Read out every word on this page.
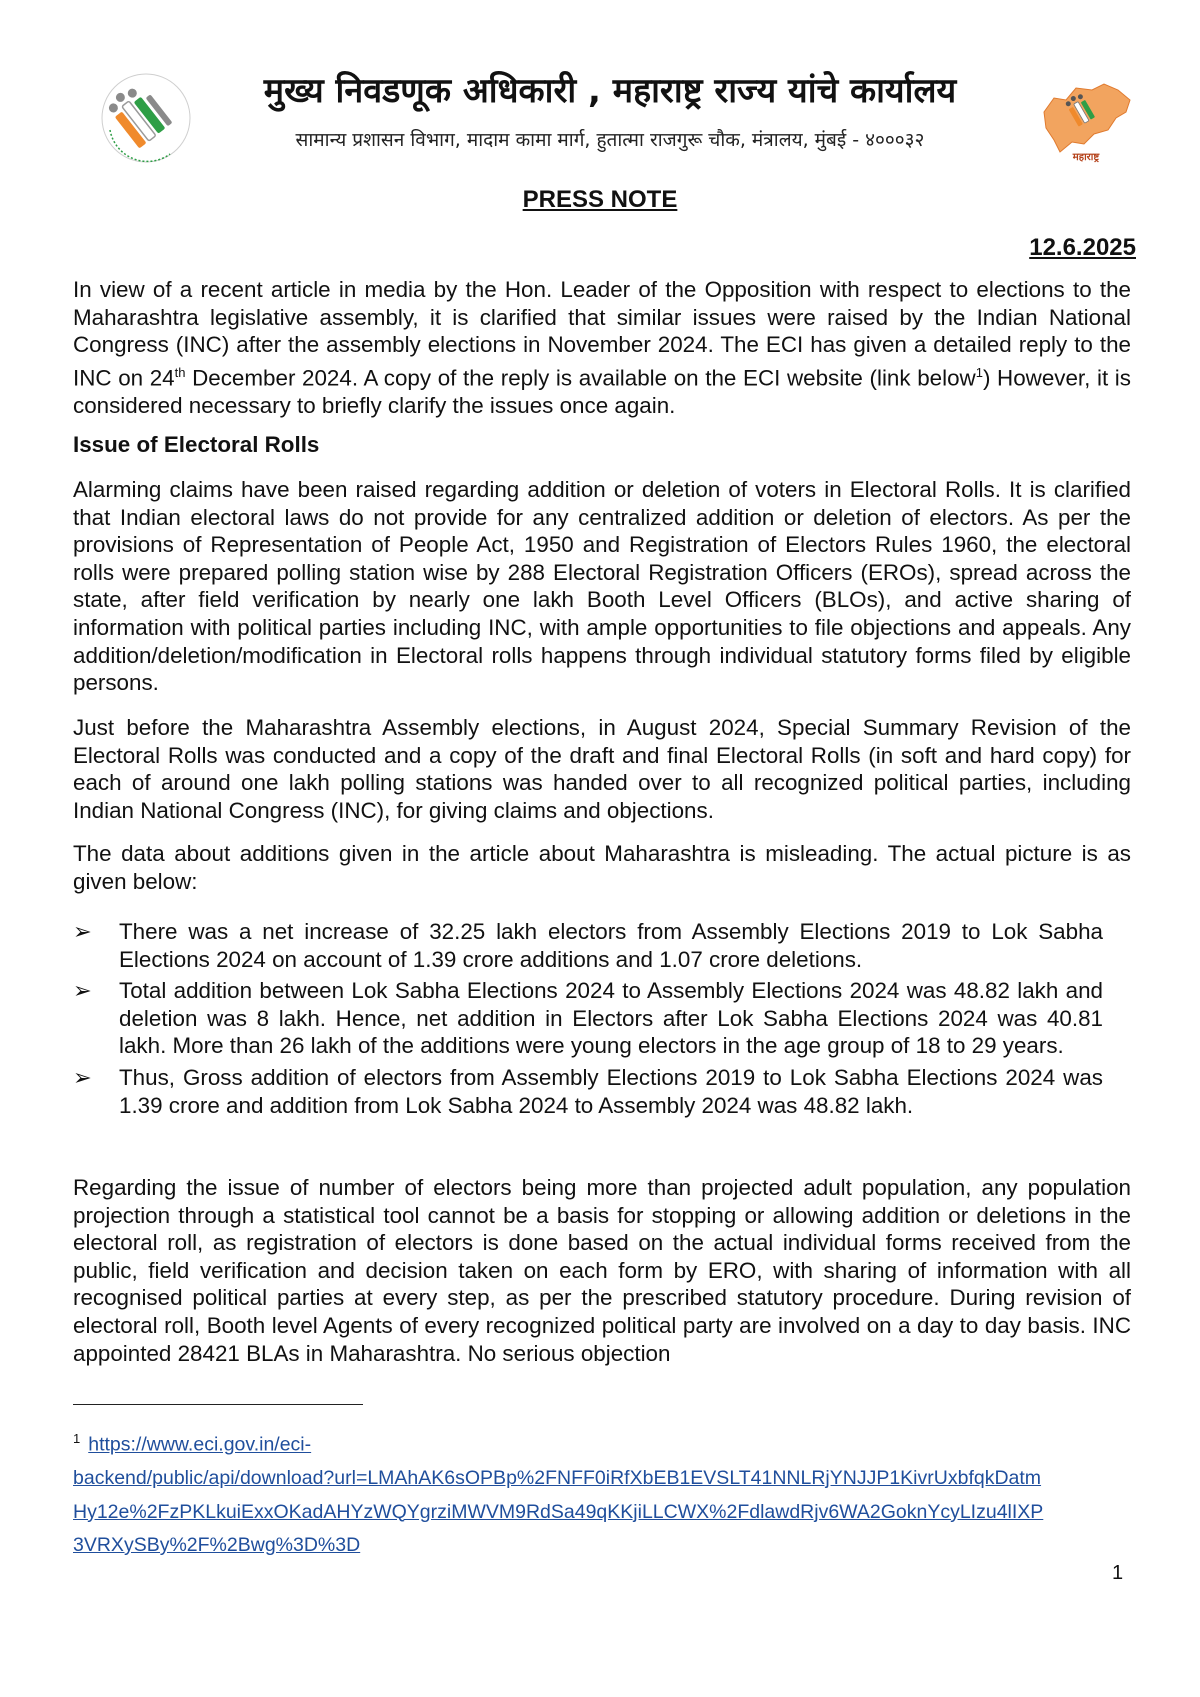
मुख्य निवडणूक अधिकारी , महाराष्ट्र राज्य यांचे कार्यालय
सामान्य प्रशासन विभाग, मादाम कामा मार्ग, हुतात्मा राजगुरू चौक, मंत्रालय, मुंबई - ४०००३२
महाराष्ट्र
PRESS NOTE
12.6.2025
In view of a recent article in media by the Hon. Leader of the Opposition with respect to elections to the Maharashtra legislative assembly, it is clarified that similar issues were raised by the Indian National Congress (INC) after the assembly elections in November 2024. The ECI has given a detailed reply to the INC on 24th December 2024. A copy of the reply is available on the ECI website (link below$^1$) However, it is considered necessary to briefly clarify the issues once again.
Issue of Electoral Rolls
Alarming claims have been raised regarding addition or deletion of voters in Electoral Rolls. It is clarified that Indian electoral laws do not provide for any centralized addition or deletion of electors. As per the provisions of Representation of People Act, 1950 and Registration of Electors Rules 1960, the electoral rolls were prepared polling station wise by 288 Electoral Registration Officers (EROs), spread across the state, after field verification by nearly one lakh Booth Level Officers (BLOs), and active sharing of information with political parties including INC, with ample opportunities to file objections and appeals. Any addition/deletion/modification in Electoral rolls happens through individual statutory forms filed by eligible persons.
Just before the Maharashtra Assembly elections, in August 2024, Special Summary Revision of the Electoral Rolls was conducted and a copy of the draft and final Electoral Rolls (in soft and hard copy) for each of around one lakh polling stations was handed over to all recognized political parties, including Indian National Congress (INC), for giving claims and objections.
The data about additions given in the article about Maharashtra is misleading. The actual picture is as given below:
➢ There was a net increase of 32.25 lakh electors from Assembly Elections 2019 to Lok Sabha Elections 2024 on account of 1.39 crore additions and 1.07 crore deletions.
➢ Total addition between Lok Sabha Elections 2024 to Assembly Elections 2024 was 48.82 lakh and deletion was 8 lakh. Hence, net addition in Electors after Lok Sabha Elections 2024 was 40.81 lakh. More than 26 lakh of the additions were young electors in the age group of 18 to 29 years.
➢ Thus, Gross addition of electors from Assembly Elections 2019 to Lok Sabha Elections 2024 was 1.39 crore and addition from Lok Sabha 2024 to Assembly 2024 was 48.82 lakh.
Regarding the issue of number of electors being more than projected adult population, any population projection through a statistical tool cannot be a basis for stopping or allowing addition or deletions in the electoral roll, as registration of electors is done based on the actual individual forms received from the public, field verification and decision taken on each form by ERO, with sharing of information with all recognised political parties at every step, as per the prescribed statutory procedure. During revision of electoral roll, Booth level Agents of every recognized political party are involved on a day to day basis. INC appointed 28421 BLAs in Maharashtra. No serious objection
$^1$ https://www.eci.gov.in/eci-
backend/public/api/download?url=LMAhAK6sOPBp%2FNFF0iRfXbEB1EVSLT41NNLRjYNJJP1KivrUxbfqkDatm
Hy12e%2FzPKLkuiExxOKadAHYzWQYgrziMWVM9RdSa49qKKjiLLCWX%2FdlawdRjv6WA2GoknYcyLIzu4lIXP
3VRXySBy%2F%2Bwg%3D%3D
1
